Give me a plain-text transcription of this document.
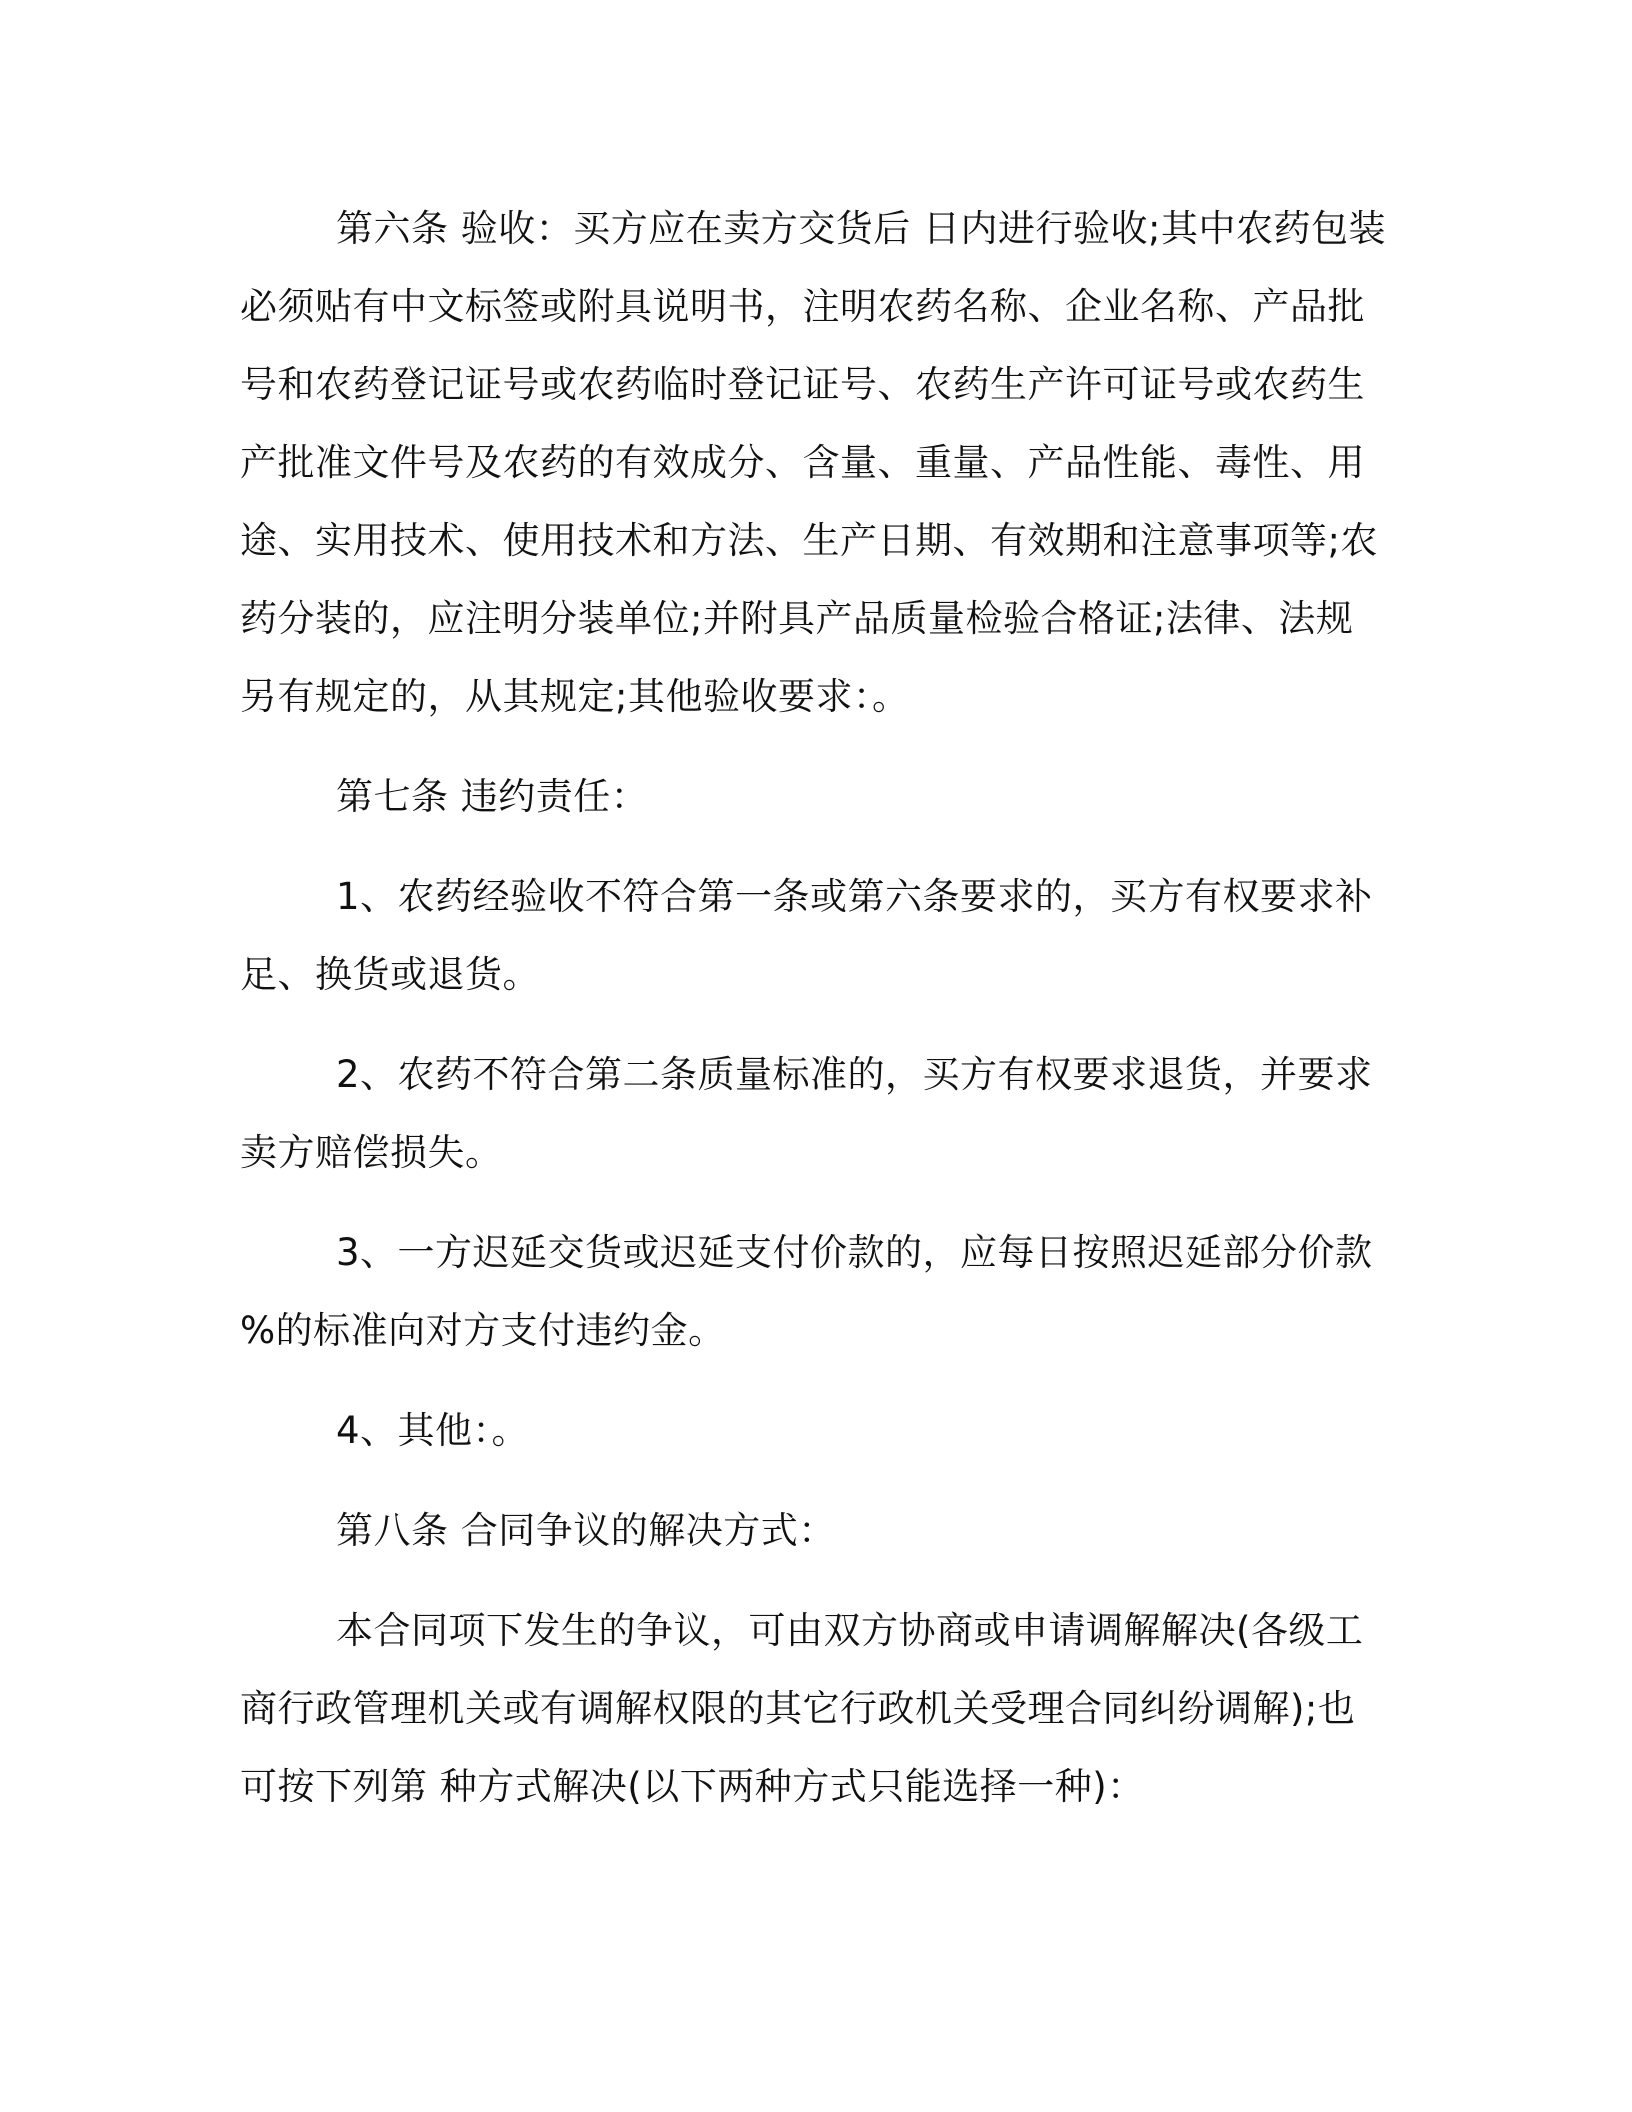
第六条 验收：买方应在卖方交货后 日内进行验收;其中农药包装必须贴有中文标签或附具说明书，注明农药名称、企业名称、产品批号和农药登记证号或农药临时登记证号、农药生产许可证号或农药生产批准文件号及农药的有效成分、含量、重量、产品性能、毒性、用途、实用技术、使用技术和方法、生产日期、有效期和注意事项等;农药分装的，应注明分装单位;并附具产品质量检验合格证;法律、法规另有规定的，从其规定;其他验收要求：。

第七条 违约责任：

1、农药经验收不符合第一条或第六条要求的，买方有权要求补足、换货或退货。

2、农药不符合第二条质量标准的，买方有权要求退货，并要求卖方赔偿损失。

3、一方迟延交货或迟延支付价款的，应每日按照迟延部分价款 %的标准向对方支付违约金。

4、其他：。

第八条 合同争议的解决方式：

本合同项下发生的争议，可由双方协商或申请调解解决(各级工商行政管理机关或有调解权限的其它行政机关受理合同纠纷调解);也可按下列第 种方式解决(以下两种方式只能选择一种)：
